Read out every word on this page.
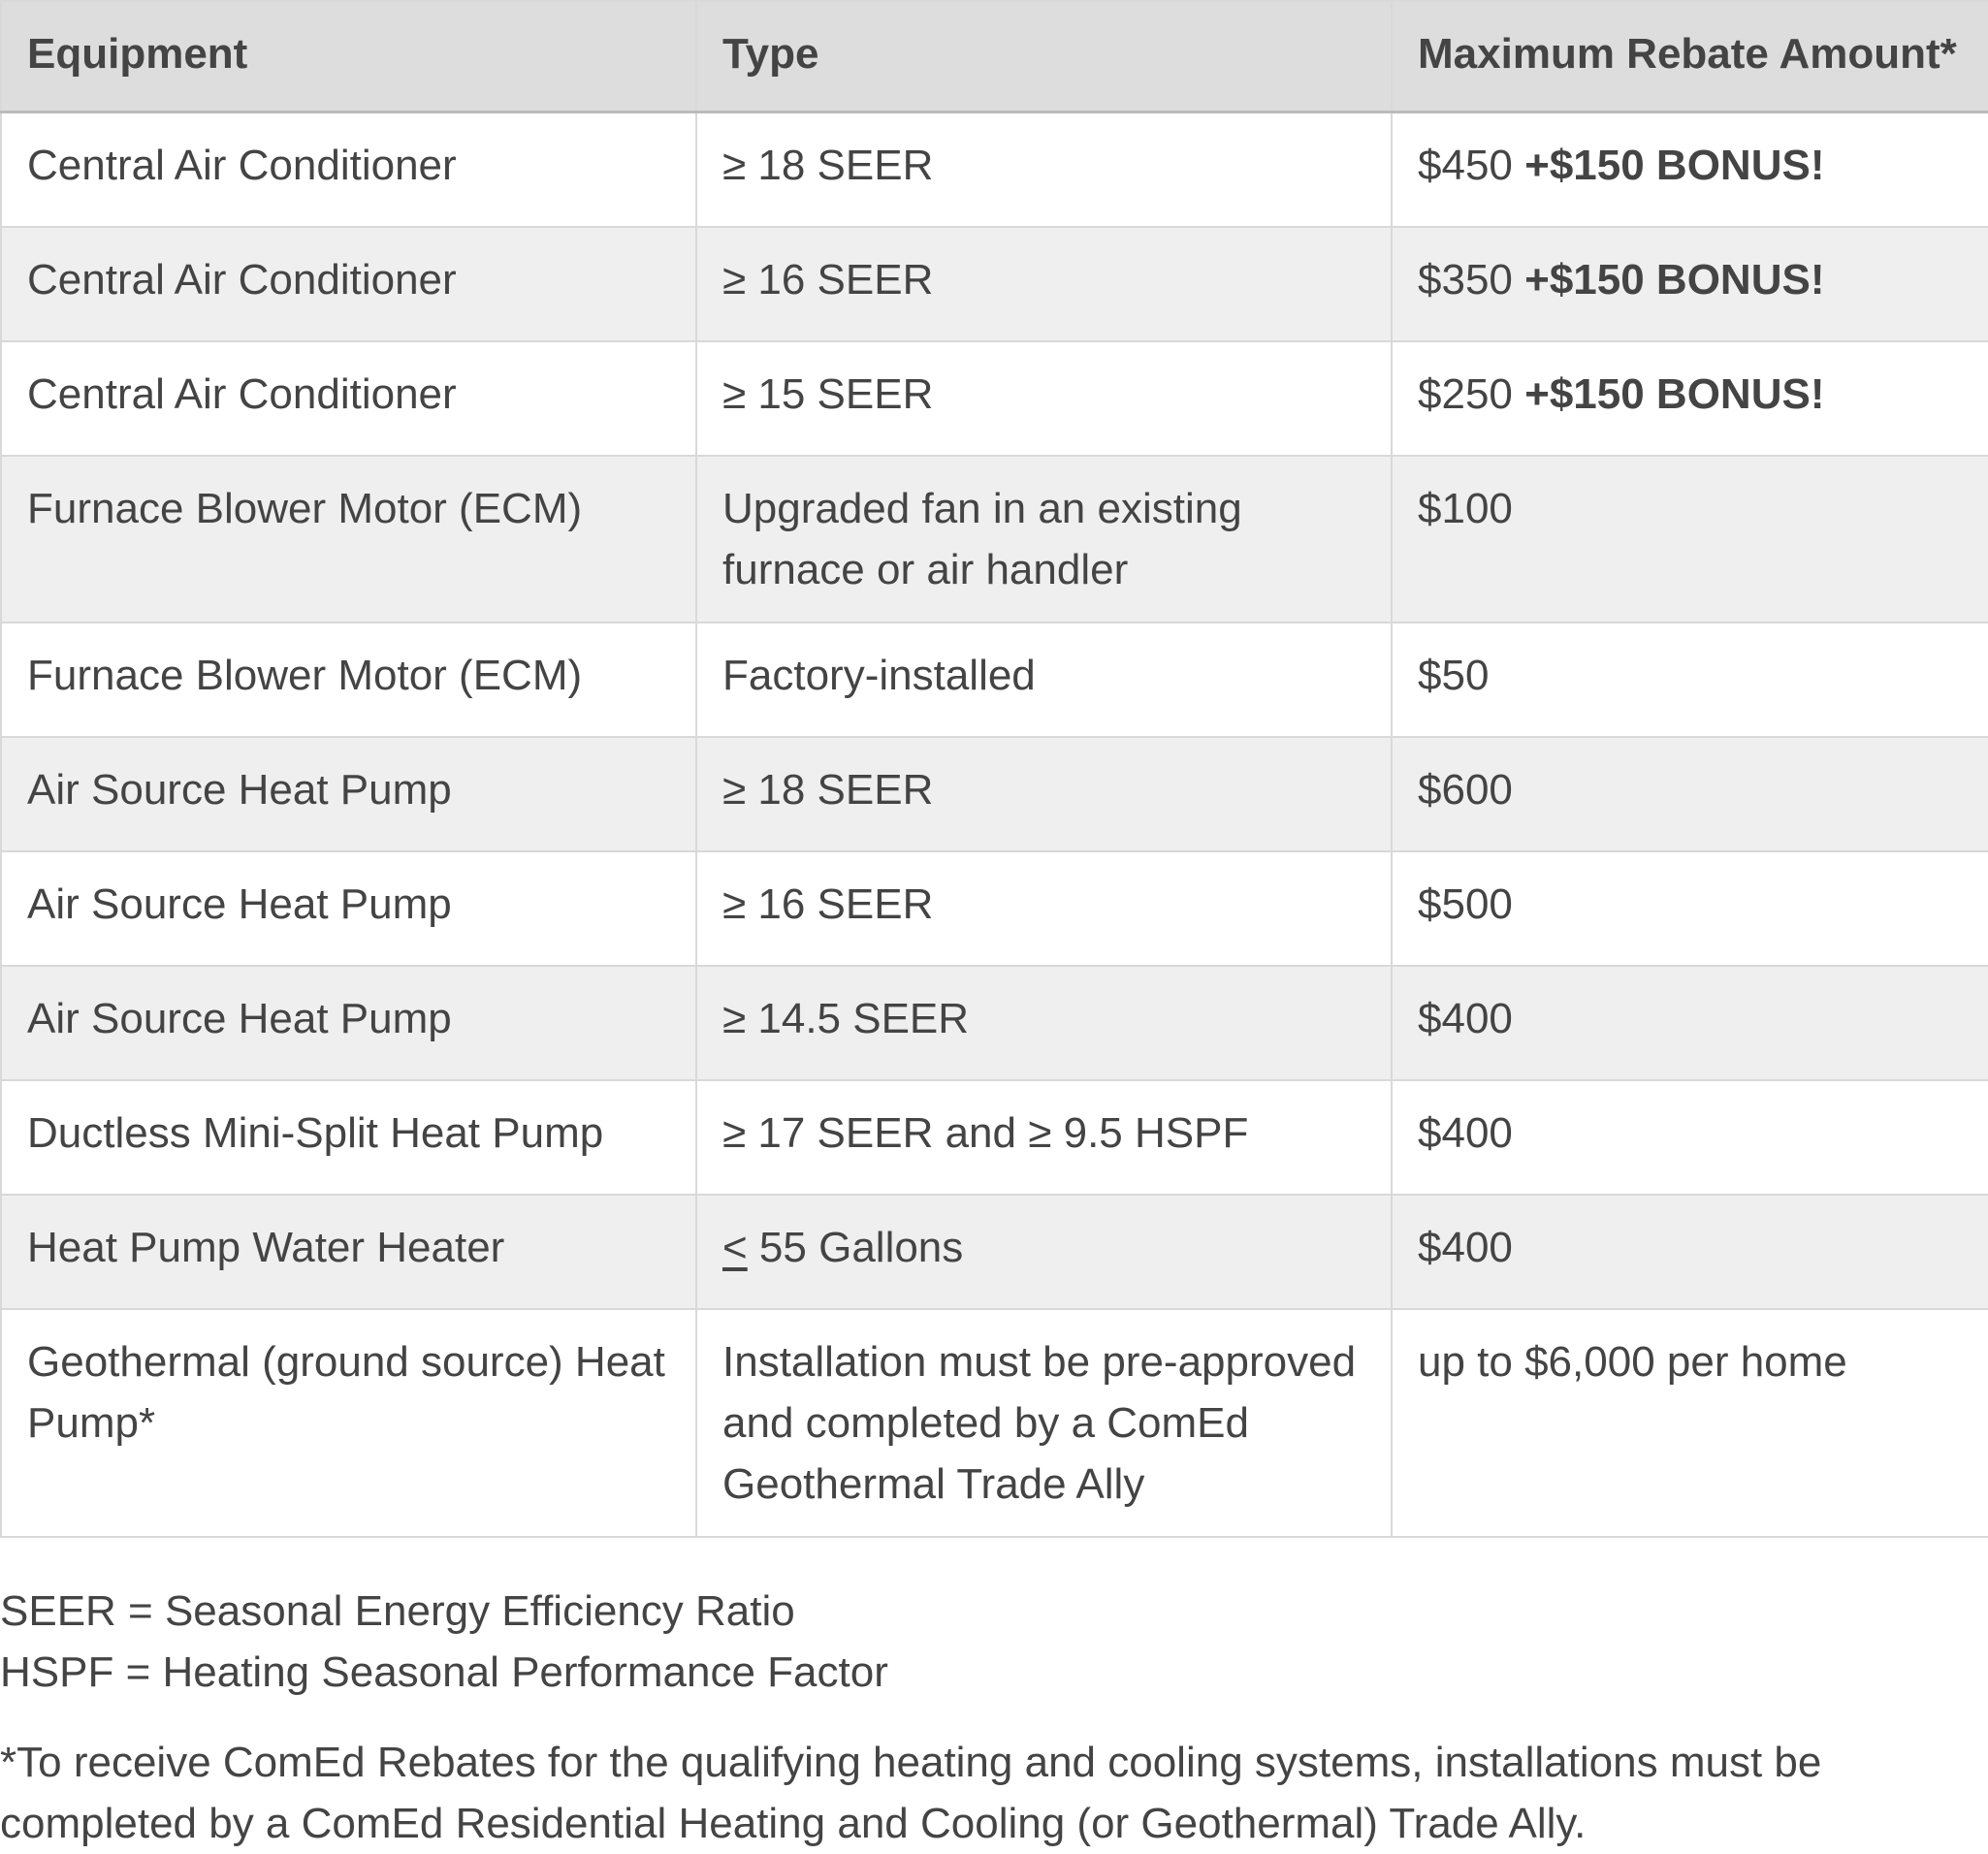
Equipment	Type	Maximum Rebate Amount*
Central Air Conditioner	≥ 18 SEER	$450 +$150 BONUS!
Central Air Conditioner	≥ 16 SEER	$350 +$150 BONUS!
Central Air Conditioner	≥ 15 SEER	$250 +$150 BONUS!
Furnace Blower Motor (ECM)	Upgraded fan in an existing furnace or air handler	$100
Furnace Blower Motor (ECM)	Factory-installed	$50
Air Source Heat Pump	≥ 18 SEER	$600
Air Source Heat Pump	≥ 16 SEER	$500
Air Source Heat Pump	≥ 14.5 SEER	$400
Ductless Mini-Split Heat Pump	≥ 17 SEER and ≥ 9.5 HSPF	$400
Heat Pump Water Heater	≤ 55 Gallons	$400
Geothermal (ground source) Heat Pump*	Installation must be pre-approved and completed by a ComEd Geothermal Trade Ally	up to $6,000 per home

SEER = Seasonal Energy Efficiency Ratio

HSPF = Heating Seasonal Performance Factor

*To receive ComEd Rebates for the qualifying heating and cooling systems, installations must be completed by a ComEd Residential Heating and Cooling (or Geothermal) Trade Ally.
